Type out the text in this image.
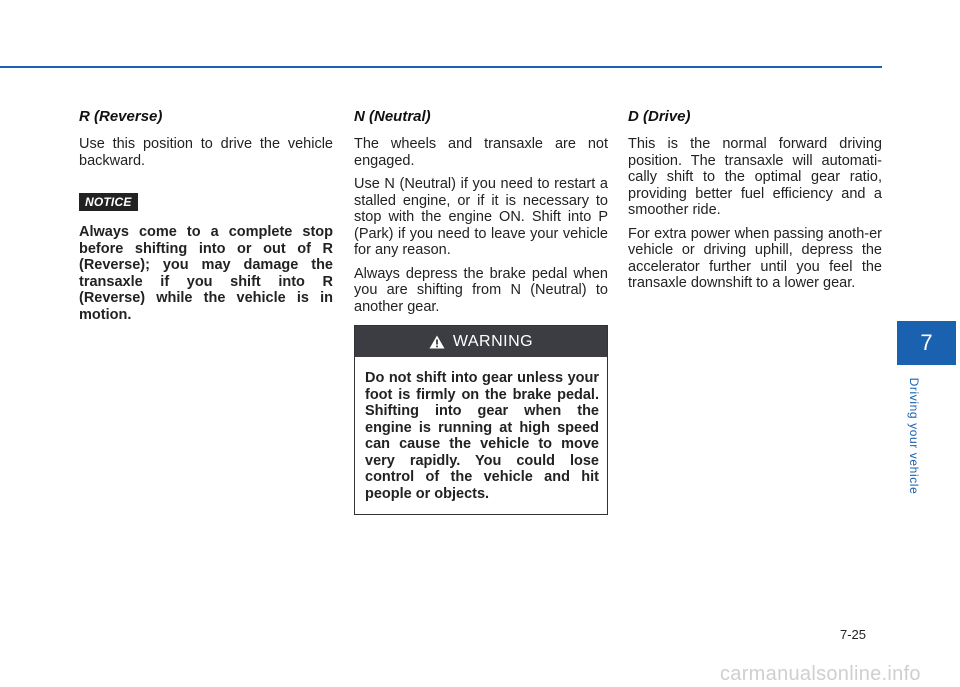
R (Reverse)

Use this position to drive the vehicle backward.

NOTICE

Always come to a complete stop before shifting into or out of R (Reverse); you may damage the transaxle if you shift into R (Reverse) while the vehicle is in motion.

N (Neutral)

The wheels and transaxle are not engaged.

Use N (Neutral) if you need to restart a stalled engine, or if it is necessary to stop with the engine ON. Shift into P (Park) if you need to leave your vehicle for any reason.

Always depress the brake pedal when you are shifting from N (Neutral) to another gear.

WARNING

Do not shift into gear unless your foot is firmly on the brake pedal. Shifting into gear when the engine is running at high speed can cause the vehicle to move very rapidly. You could lose control of the vehicle and hit people or objects.

D (Drive)

This is the normal forward driving position. The transaxle will automati-cally shift to the optimal gear ratio, providing better fuel efficiency and a smoother ride.

For extra power when passing anoth-er vehicle or driving uphill, depress the accelerator further until you feel the transaxle downshift to a lower gear.

7
Driving your vehicle
7-25
carmanualsonline.info
